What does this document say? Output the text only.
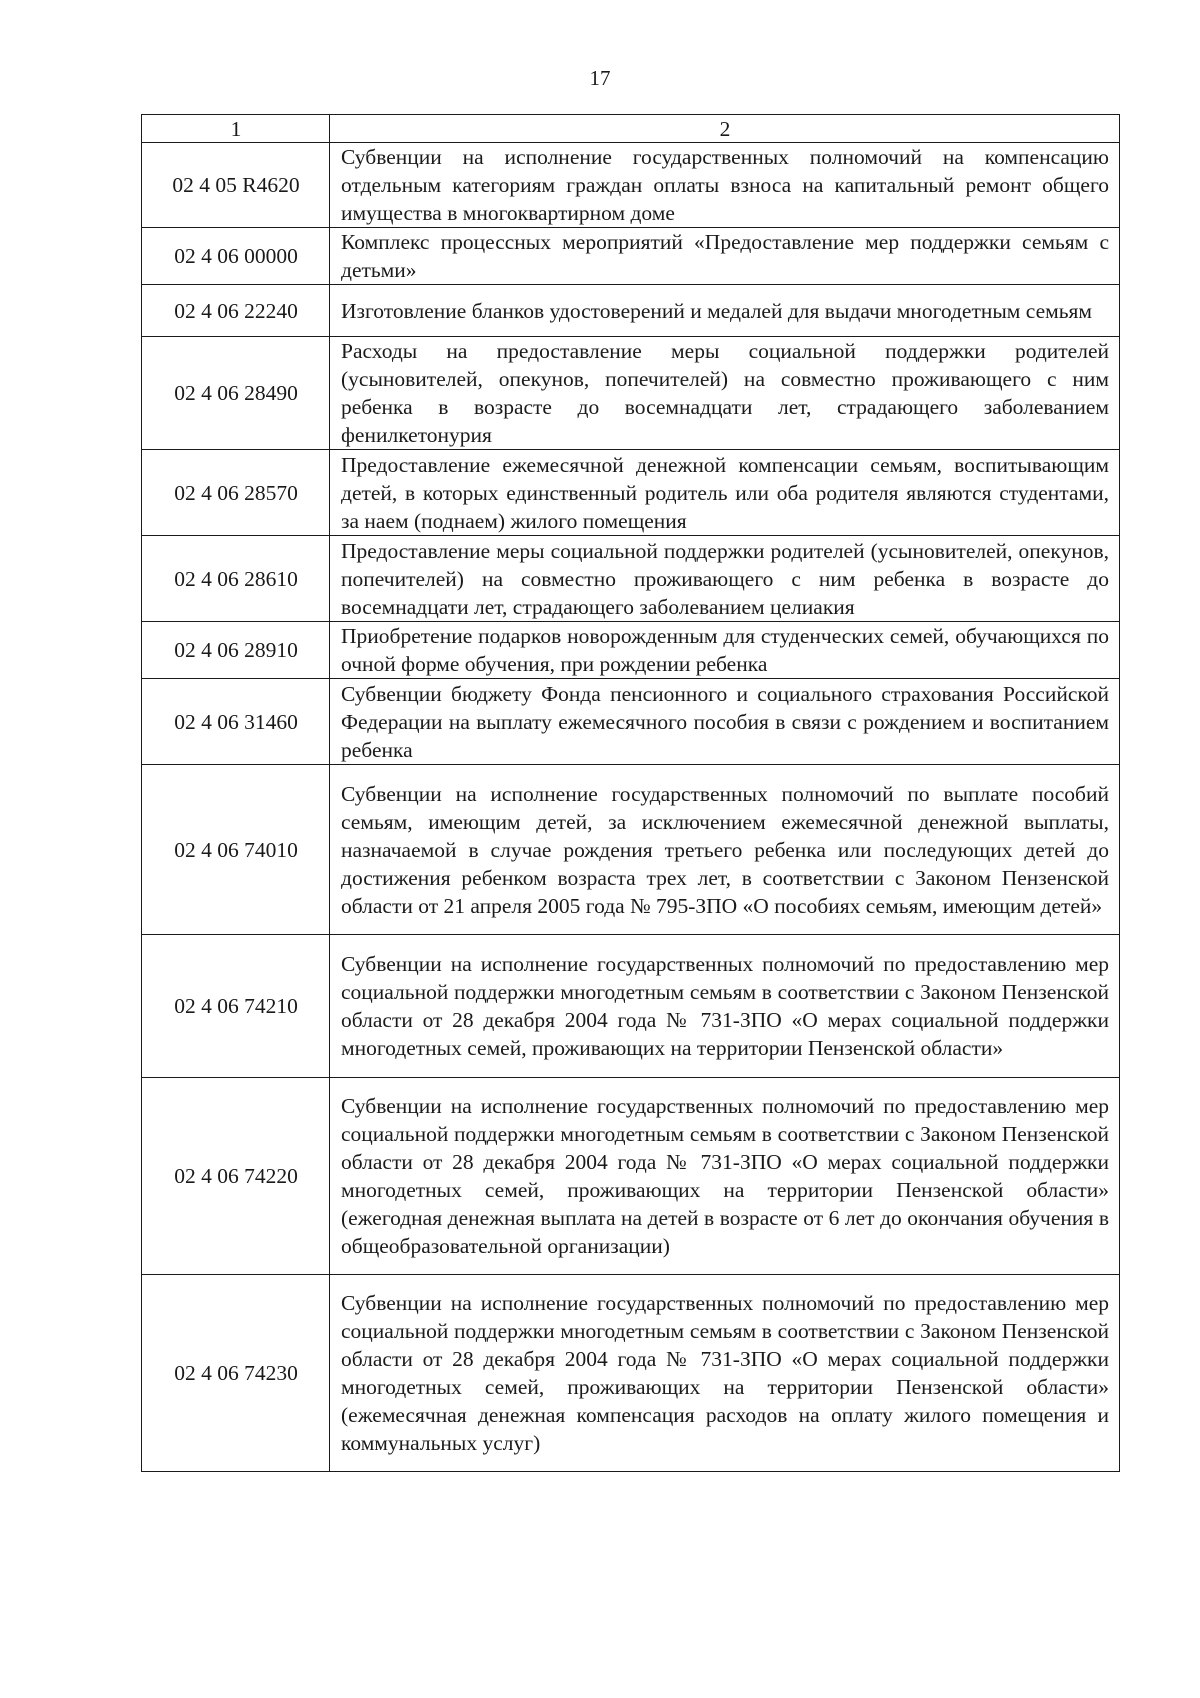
17
1	2
02 4 05 R4620	Субвенции на исполнение государственных полномочий на компенсацию отдельным категориям граждан оплаты взноса на капитальный ремонт общего имущества в многоквартирном доме
02 4 06 00000	Комплекс процессных мероприятий «Предоставление мер поддержки семьям с детьми»
02 4 06 22240	Изготовление бланков удостоверений и медалей для выдачи многодетным семьям
02 4 06 28490	Расходы на предоставление меры социальной поддержки родителей (усыновителей, опекунов, попечителей) на совместно проживающего с ним ребенка в возрасте до восемнадцати лет, страдающего заболеванием фенилкетонурия
02 4 06 28570	Предоставление ежемесячной денежной компенсации семьям, воспитывающим детей, в которых единственный родитель или оба родителя являются студентами, за наем (поднаем) жилого помещения
02 4 06 28610	Предоставление меры социальной поддержки родителей (усыновителей, опекунов, попечителей) на совместно проживающего с ним ребенка в возрасте до восемнадцати лет, страдающего заболеванием целиакия
02 4 06 28910	Приобретение подарков новорожденным для студенческих семей, обучающихся по очной форме обучения, при рождении ребенка
02 4 06 31460	Субвенции бюджету Фонда пенсионного и социального страхования Российской Федерации на выплату ежемесячного пособия в связи с рождением и воспитанием ребенка
02 4 06 74010	Субвенции на исполнение государственных полномочий по выплате пособий семьям, имеющим детей, за исключением ежемесячной денежной выплаты, назначаемой в случае рождения третьего ребенка или последующих детей до достижения ребенком возраста трех лет, в соответствии с Законом Пензенской области от 21 апреля 2005 года № 795-ЗПО «О пособиях семьям, имеющим детей»
02 4 06 74210	Субвенции на исполнение государственных полномочий по предоставлению мер социальной поддержки многодетным семьям в соответствии с Законом Пензенской области от 28 декабря 2004 года № 731-ЗПО «О мерах социальной поддержки многодетных семей, проживающих на территории Пензенской области»
02 4 06 74220	Субвенции на исполнение государственных полномочий по предоставлению мер социальной поддержки многодетным семьям в соответствии с Законом Пензенской области от 28 декабря 2004 года № 731-ЗПО «О мерах социальной поддержки многодетных семей, проживающих на территории Пензенской области» (ежегодная денежная выплата на детей в возрасте от 6 лет до окончания обучения в общеобразовательной организации)
02 4 06 74230	Субвенции на исполнение государственных полномочий по предоставлению мер социальной поддержки многодетным семьям в соответствии с Законом Пензенской области от 28 декабря 2004 года № 731-ЗПО «О мерах социальной поддержки многодетных семей, проживающих на территории Пензенской области» (ежемесячная денежная компенсация расходов на оплату жилого помещения и коммунальных услуг)
